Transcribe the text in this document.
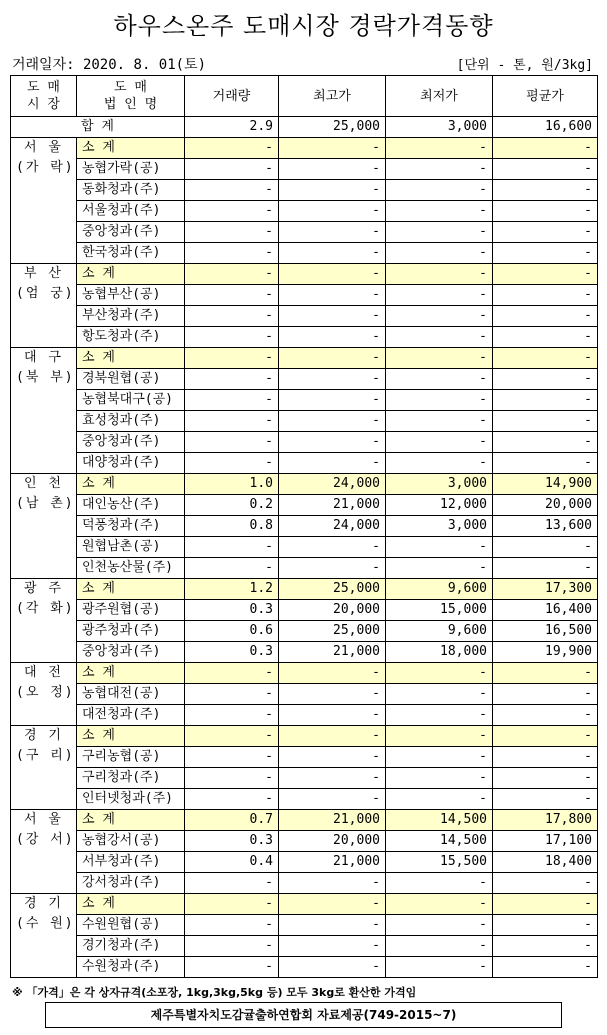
하우스온주 도매시장 경락가격동향
거래일자: 2020. 8. 01(토)	[단위 - 톤, 원/3kg]
도 매
시 장	도 매
법 인 명	거래량	최고가	최저가	평균가
합 계		2.9	25,000	3,000	16,600

서 울
(가 락)	소 계	-	-	-	-
	농협가락(공)	-	-	-	-
	동화청과(주)	-	-	-	-
	서울청과(주)	-	-	-	-
	중앙청과(주)	-	-	-	-
	한국청과(주)	-	-	-	-

부 산
(엄 궁)	소 계	-	-	-	-
	농협부산(공)	-	-	-	-
	부산청과(주)	-	-	-	-
	항도청과(주)	-	-	-	-

대 구
(북 부)	소 계	-	-	-	-
	경북원협(공)	-	-	-	-
	농협북대구(공)	-	-	-	-
	효성청과(주)	-	-	-	-
	중앙청과(주)	-	-	-	-
	대양청과(주)	-	-	-	-

인 천
(남 촌)	소 계	1.0	24,000	3,000	14,900
	대인농산(주)	0.2	21,000	12,000	20,000
	덕풍청과(주)	0.8	24,000	3,000	13,600
	원협남촌(공)	-	-	-	-
	인천농산물(주)	-	-	-	-

광 주
(각 화)	소 계	1.2	25,000	9,600	17,300
	광주원협(공)	0.3	20,000	15,000	16,400
	광주청과(주)	0.6	25,000	9,600	16,500
	중앙청과(주)	0.3	21,000	18,000	19,900

대 전
(오 정)	소 계	-	-	-	-
	농협대전(공)	-	-	-	-
	대전청과(주)	-	-	-	-

경 기
(구 리)	소 계	-	-	-	-
	구리농협(공)	-	-	-	-
	구리청과(주)	-	-	-	-
	인터넷청과(주)	-	-	-	-

서 울
(강 서)	소 계	0.7	21,000	14,500	17,800
	농협강서(공)	0.3	20,000	14,500	17,100
	서부청과(주)	0.4	21,000	15,500	18,400
	강서청과(주)	-	-	-	-

경 기
(수 원)	소 계	-	-	-	-
	수원원협(공)	-	-	-	-
	경기청과(주)	-	-	-	-
	수원청과(주)	-	-	-	-
※ 「가격」은 각 상자규격(소포장, 1kg,3kg,5kg 등) 모두 3kg로 환산한 가격임
제주특별자치도감귤출하연합회 자료제공(749-2015~7)
